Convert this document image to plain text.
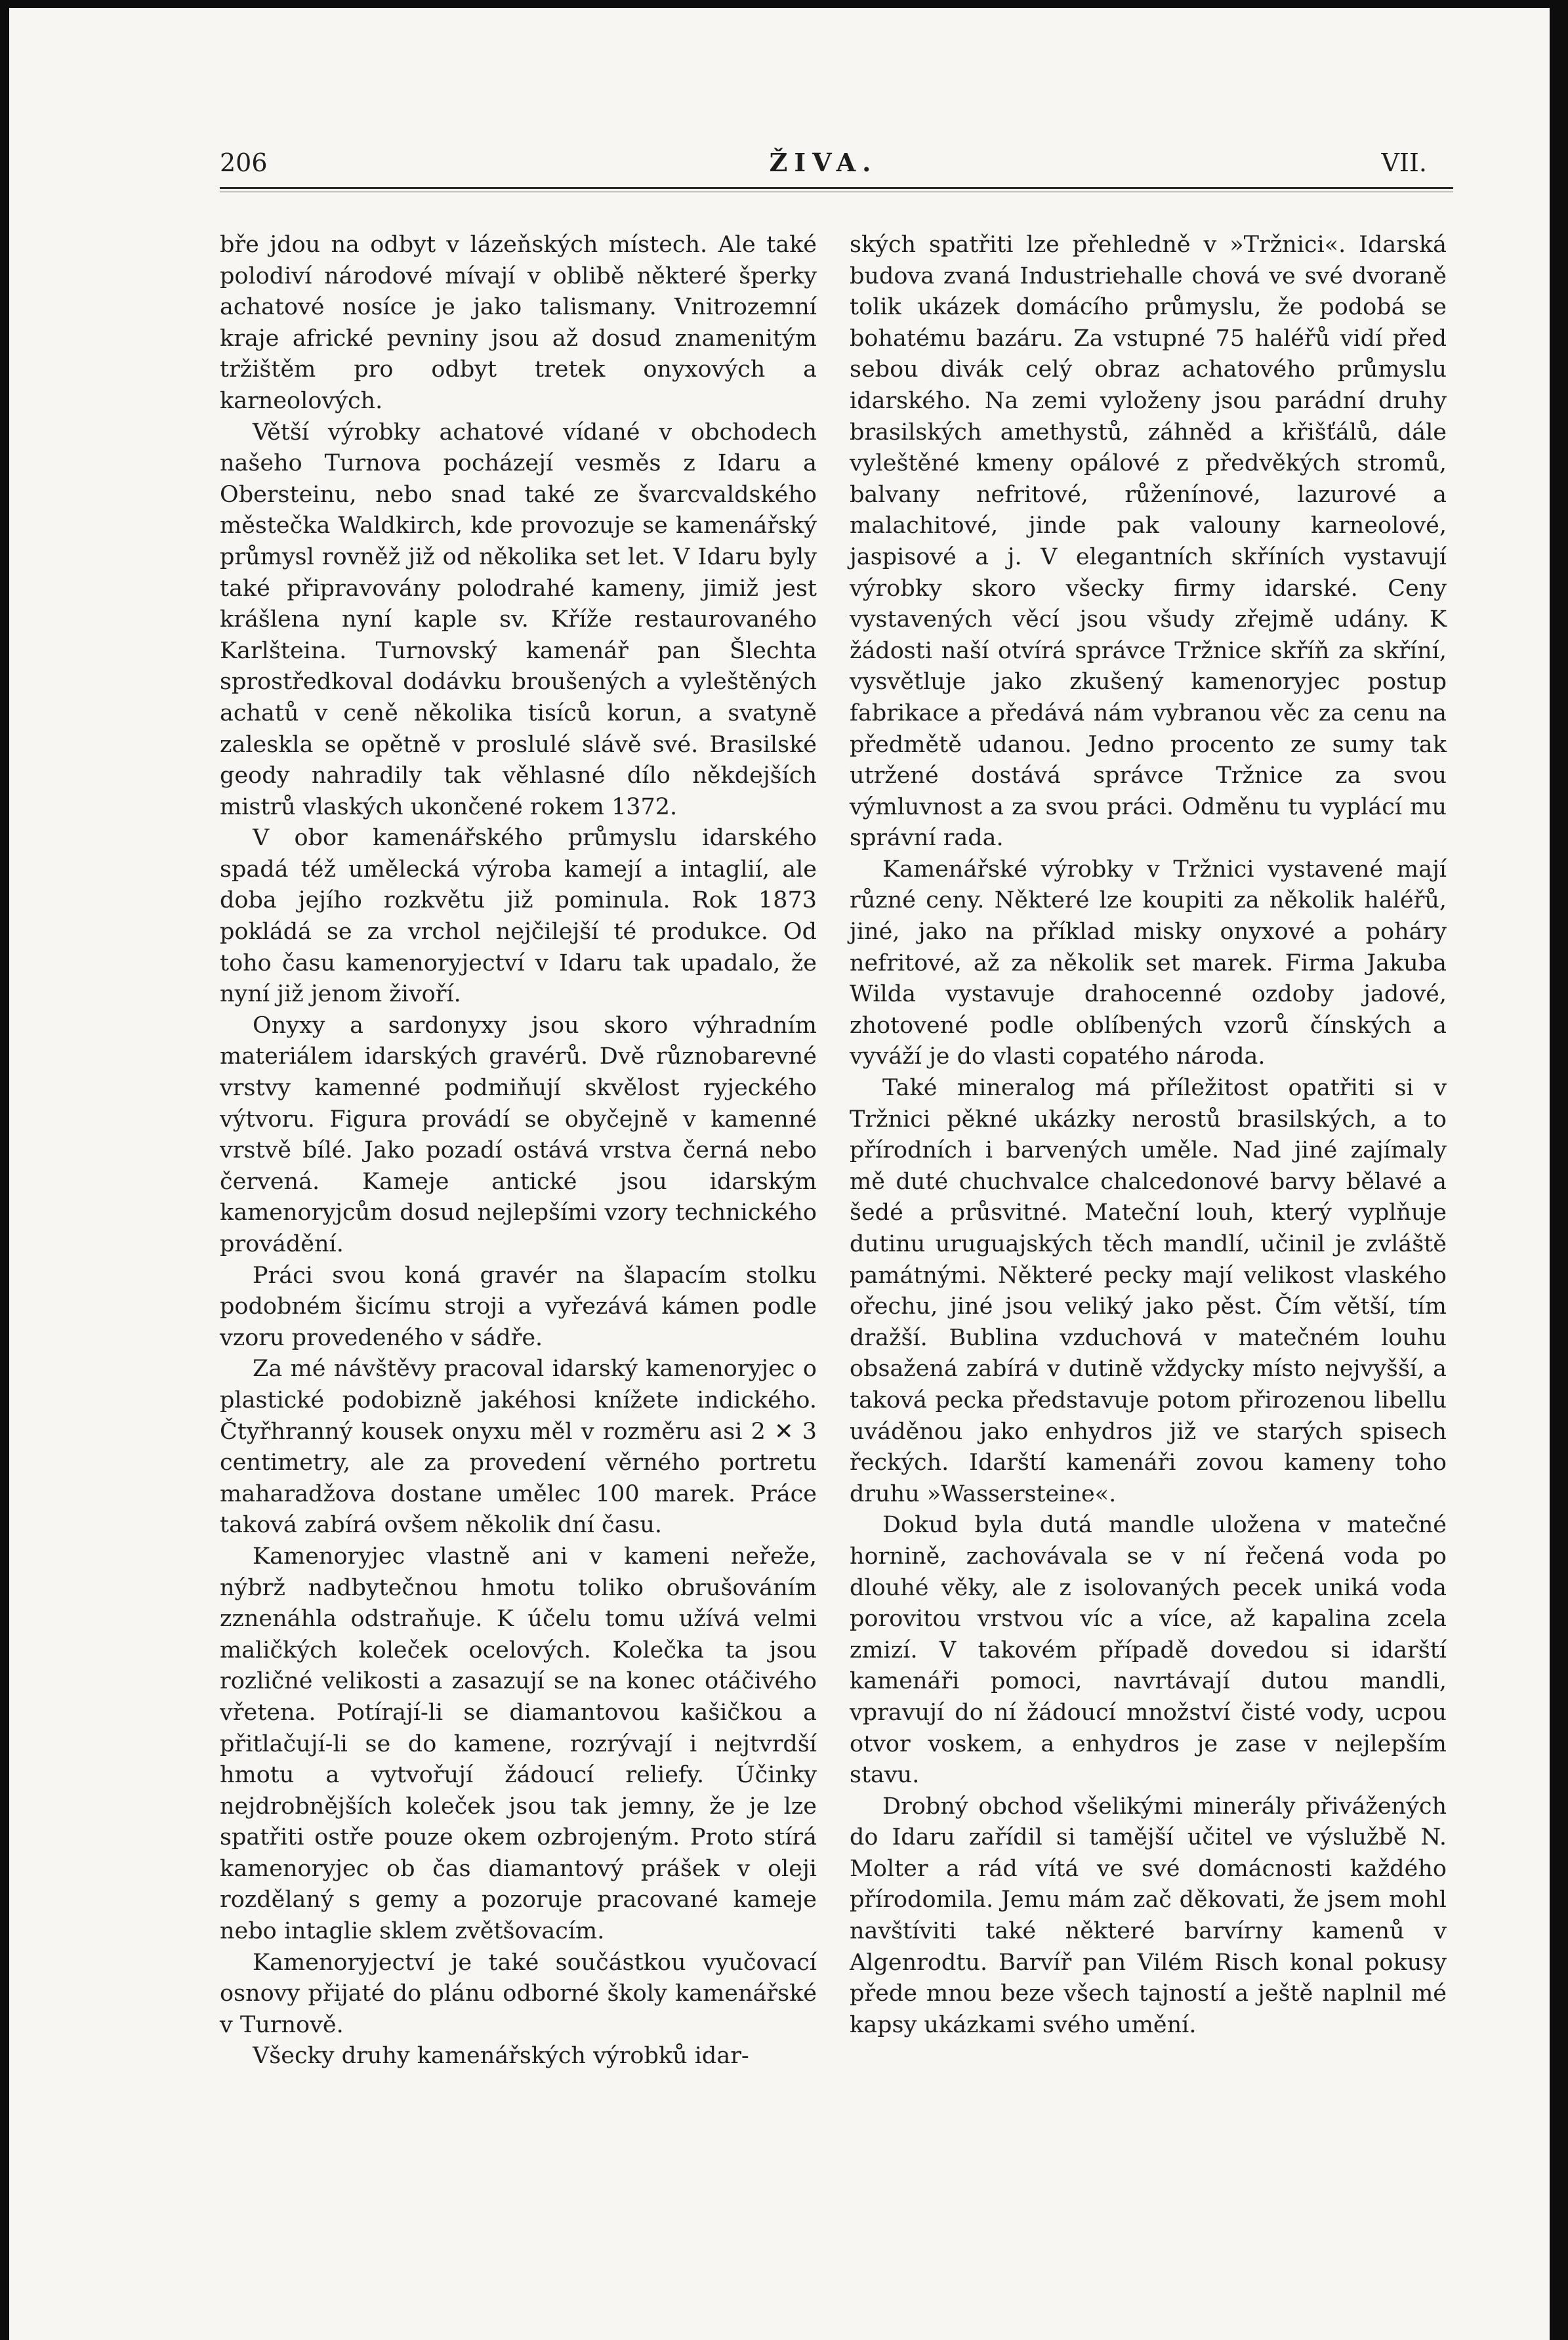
206	ŽIVA.	VII.

bře jdou na odbyt v lázeňských místech. Ale také polodiví národové mívají v oblibě některé šperky achatové nosíce je jako talismany. Vnitrozemní kraje africké pevniny jsou až dosud znamenitým tržištěm pro odbyt tretek onyxových a karneolových.

Větší výrobky achatové vídané v obchodech našeho Turnova pocházejí vesměs z Idaru a Obersteinu, nebo snad také ze švarcvaldského městečka Waldkirch, kde provozuje se kamenářský průmysl rovněž již od několika set let. V Idaru byly také připravovány polodrahé kameny, jimiž jest krášlena nyní kaple sv. Kříže restaurovaného Karlšteina. Turnovský kamenář pan Šlechta sprostředkoval dodávku broušených a vyleštěných achatů v ceně několika tisíců korun, a svatyně zaleskla se opětně v proslulé slávě své. Brasilské geody nahradily tak věhlasné dílo někdejších mistrů vlaských ukončené rokem 1372.

V obor kamenářského průmyslu idarského spadá též umělecká výroba kamejí a intaglií, ale doba jejího rozkvětu již pominula. Rok 1873 pokládá se za vrchol nejčilejší té produkce. Od toho času kamenoryjectví v Idaru tak upadalo, že nyní již jenom živoří.

Onyxy a sardonyxy jsou skoro výhradním materiálem idarských gravérů. Dvě různobarevné vrstvy kamenné podmiňují skvělost ryjeckého výtvoru. Figura provádí se obyčejně v kamenné vrstvě bílé. Jako pozadí ostává vrstva černá nebo červená. Kameje antické jsou idarským kamenoryjcům dosud nejlepšími vzory technického provádění.

Práci svou koná gravér na šlapacím stolku podobném šicímu stroji a vyřezává kámen podle vzoru provedeného v sádře.

Za mé návštěvy pracoval idarský kamenoryjec o plastické podobizně jakéhosi knížete indického. Čtyřhranný kousek onyxu měl v rozměru asi 2 ✕ 3 centimetry, ale za provedení věrného portretu maharadžova dostane umělec 100 marek. Práce taková zabírá ovšem několik dní času.

Kamenoryjec vlastně ani v kameni neřeže, nýbrž nadbytečnou hmotu toliko obrušováním zznenáhla odstraňuje. K účelu tomu užívá velmi maličkých koleček ocelových. Kolečka ta jsou rozličné velikosti a zasazují se na konec otáčivého vřetena. Potírají-li se diamantovou kašičkou a přitlačují-li se do kamene, rozrývají i nejtvrdší hmotu a vytvořují žádoucí reliefy. Účinky nejdrobnějších koleček jsou tak jemny, že je lze spatřiti ostře pouze okem ozbrojeným. Proto stírá kamenoryjec ob čas diamantový prášek v oleji rozdělaný s gemy a pozoruje pracované kameje nebo intaglie sklem zvětšovacím.

Kamenoryjectví je také součástkou vyučovací osnovy přijaté do plánu odborné školy kamenářské v Turnově.

Všecky druhy kamenářských výrobků idar-

ských spatřiti lze přehledně v »Tržnici«. Idarská budova zvaná Industriehalle chová ve své dvoraně tolik ukázek domácího průmyslu, že podobá se bohatému bazáru. Za vstupné 75 haléřů vidí před sebou divák celý obraz achatového průmyslu idarského. Na zemi vyloženy jsou parádní druhy brasilských amethystů, záhněd a křišťálů, dále vyleštěné kmeny opálové z předvěkých stromů, balvany nefritové, růženínové, lazurové a malachitové, jinde pak valouny karneolové, jaspisové a j. V elegantních skříních vystavují výrobky skoro všecky firmy idarské. Ceny vystavených věcí jsou všudy zřejmě udány. K žádosti naší otvírá správce Tržnice skříň za skříní, vysvětluje jako zkušený kamenoryjec postup fabrikace a předává nám vybranou věc za cenu na předmětě udanou. Jedno procento ze sumy tak utržené dostává správce Tržnice za svou výmluvnost a za svou práci. Odměnu tu vyplácí mu správní rada.

Kamenářské výrobky v Tržnici vystavené mají různé ceny. Některé lze koupiti za několik haléřů, jiné, jako na příklad misky onyxové a poháry nefritové, až za několik set marek. Firma Jakuba Wilda vystavuje drahocenné ozdoby jadové, zhotovené podle oblíbených vzorů čínských a vyváží je do vlasti copatého národa.

Také mineralog má příležitost opatřiti si v Tržnici pěkné ukázky nerostů brasilských, a to přírodních i barvených uměle. Nad jiné zajímaly mě duté chuchvalce chalcedonové barvy bělavé a šedé a průsvitné. Mateční louh, který vyplňuje dutinu uruguajských těch mandlí, učinil je zvláště památnými. Některé pecky mají velikost vlaského ořechu, jiné jsou veliký jako pěst. Čím větší, tím dražší. Bublina vzduchová v matečném louhu obsažená zabírá v dutině vždycky místo nejvyšší, a taková pecka představuje potom přirozenou libellu uváděnou jako enhydros již ve starých spisech řeckých. Idarští kamenáři zovou kameny toho druhu »Wassersteine«.

Dokud byla dutá mandle uložena v matečné hornině, zachovávala se v ní řečená voda po dlouhé věky, ale z isolovaných pecek uniká voda porovitou vrstvou víc a více, až kapalina zcela zmizí. V takovém případě dovedou si idarští kamenáři pomoci, navrtávají dutou mandli, vpravují do ní žádoucí množství čisté vody, ucpou otvor voskem, a enhydros je zase v nejlepším stavu.

Drobný obchod všelikými minerály přivážených do Idaru zařídil si tamější učitel ve výslužbě N. Molter a rád vítá ve své domácnosti každého přírodomila. Jemu mám zač děkovati, že jsem mohl navštíviti také některé barvírny kamenů v Algenrodtu. Barvíř pan Vilém Risch konal pokusy přede mnou beze všech tajností a ještě naplnil mé kapsy ukázkami svého umění.
